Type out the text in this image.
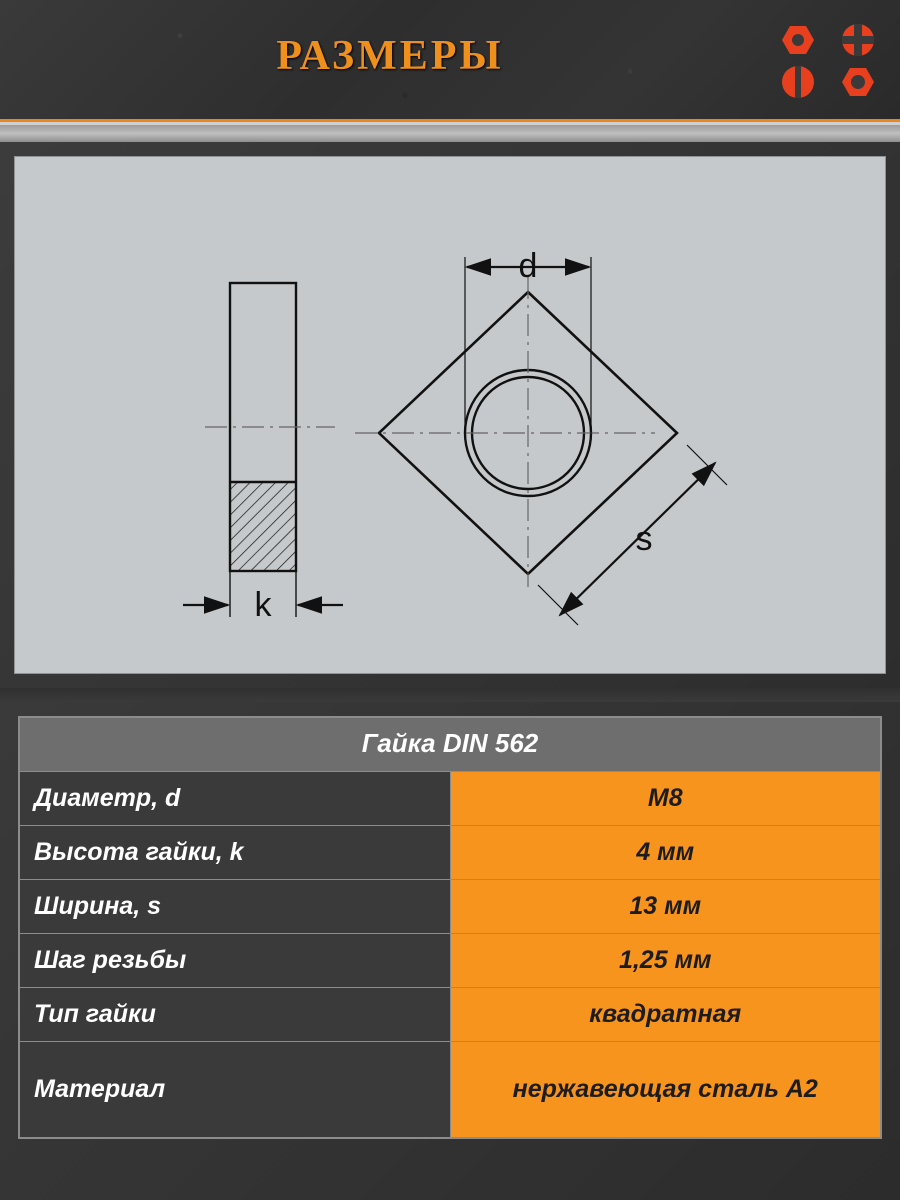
РАЗМЕРЫ
k
d
s
Гайка DIN 562	
Диаметр, d	M8
Высота гайки, k	4 мм
Ширина, s	13 мм
Шаг резьбы	1,25 мм
Тип гайки	квадратная
Материал	нержавеющая сталь А2
